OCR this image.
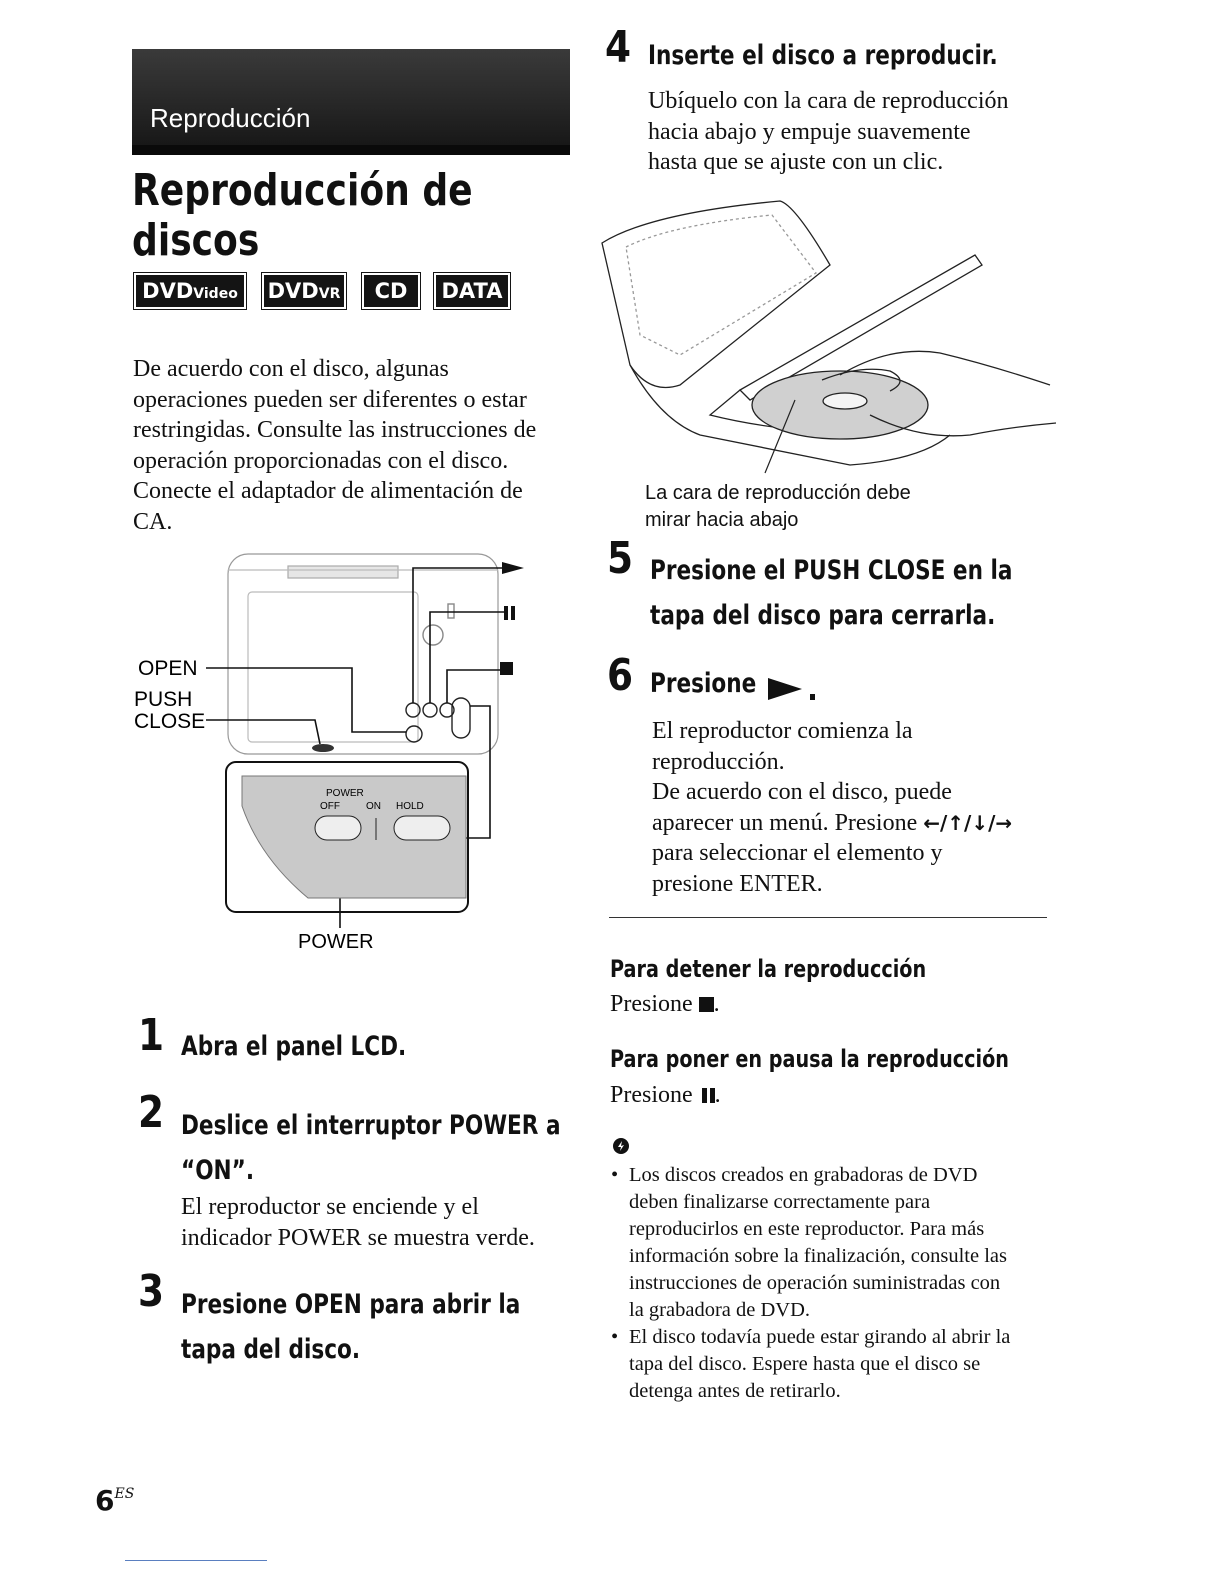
Reproducción
Reproducción de
discos
DVDVideo	DVDVR	CD	DATA
De acuerdo con el disco, algunas
operaciones pueden ser diferentes o estar
restringidas. Consulte las instrucciones de
operación proporcionadas con el disco.
Conecte el adaptador de alimentación de
CA.
OPEN
PUSH
CLOSE
POWER
POWER
OFF	ON HOLD
1 Abra el panel LCD.
2 Deslice el interruptor POWER a
“ON”.
El reproductor se enciende y el
indicador POWER se muestra verde.
3 Presione OPEN para abrir la
tapa del disco.
4 Inserte el disco a reproducir.
Ubíquelo con la cara de reproducción
hacia abajo y empuje suavemente
hasta que se ajuste con un clic.
La cara de reproducción debe
mirar hacia abajo
5 Presione el PUSH CLOSE en la
tapa del disco para cerrarla.
6 Presione
El reproductor comienza la
reproducción.
De acuerdo con el disco, puede
aparecer un menú. Presione ←/↑/↓/→
para seleccionar el elemento y
presione ENTER.
Para detener la reproducción
Presione .
Para poner en pausa la reproducción
Presione .
• Los discos creados en grabadoras de DVD
deben finalizarse correctamente para
reproducirlos en este reproductor. Para más
información sobre la finalización, consulte las
instrucciones de operación suministradas con
la grabadora de DVD.
• El disco todavía puede estar girando al abrir la
tapa del disco. Espere hasta que el disco se
detenga antes de retirarlo.
6ES
